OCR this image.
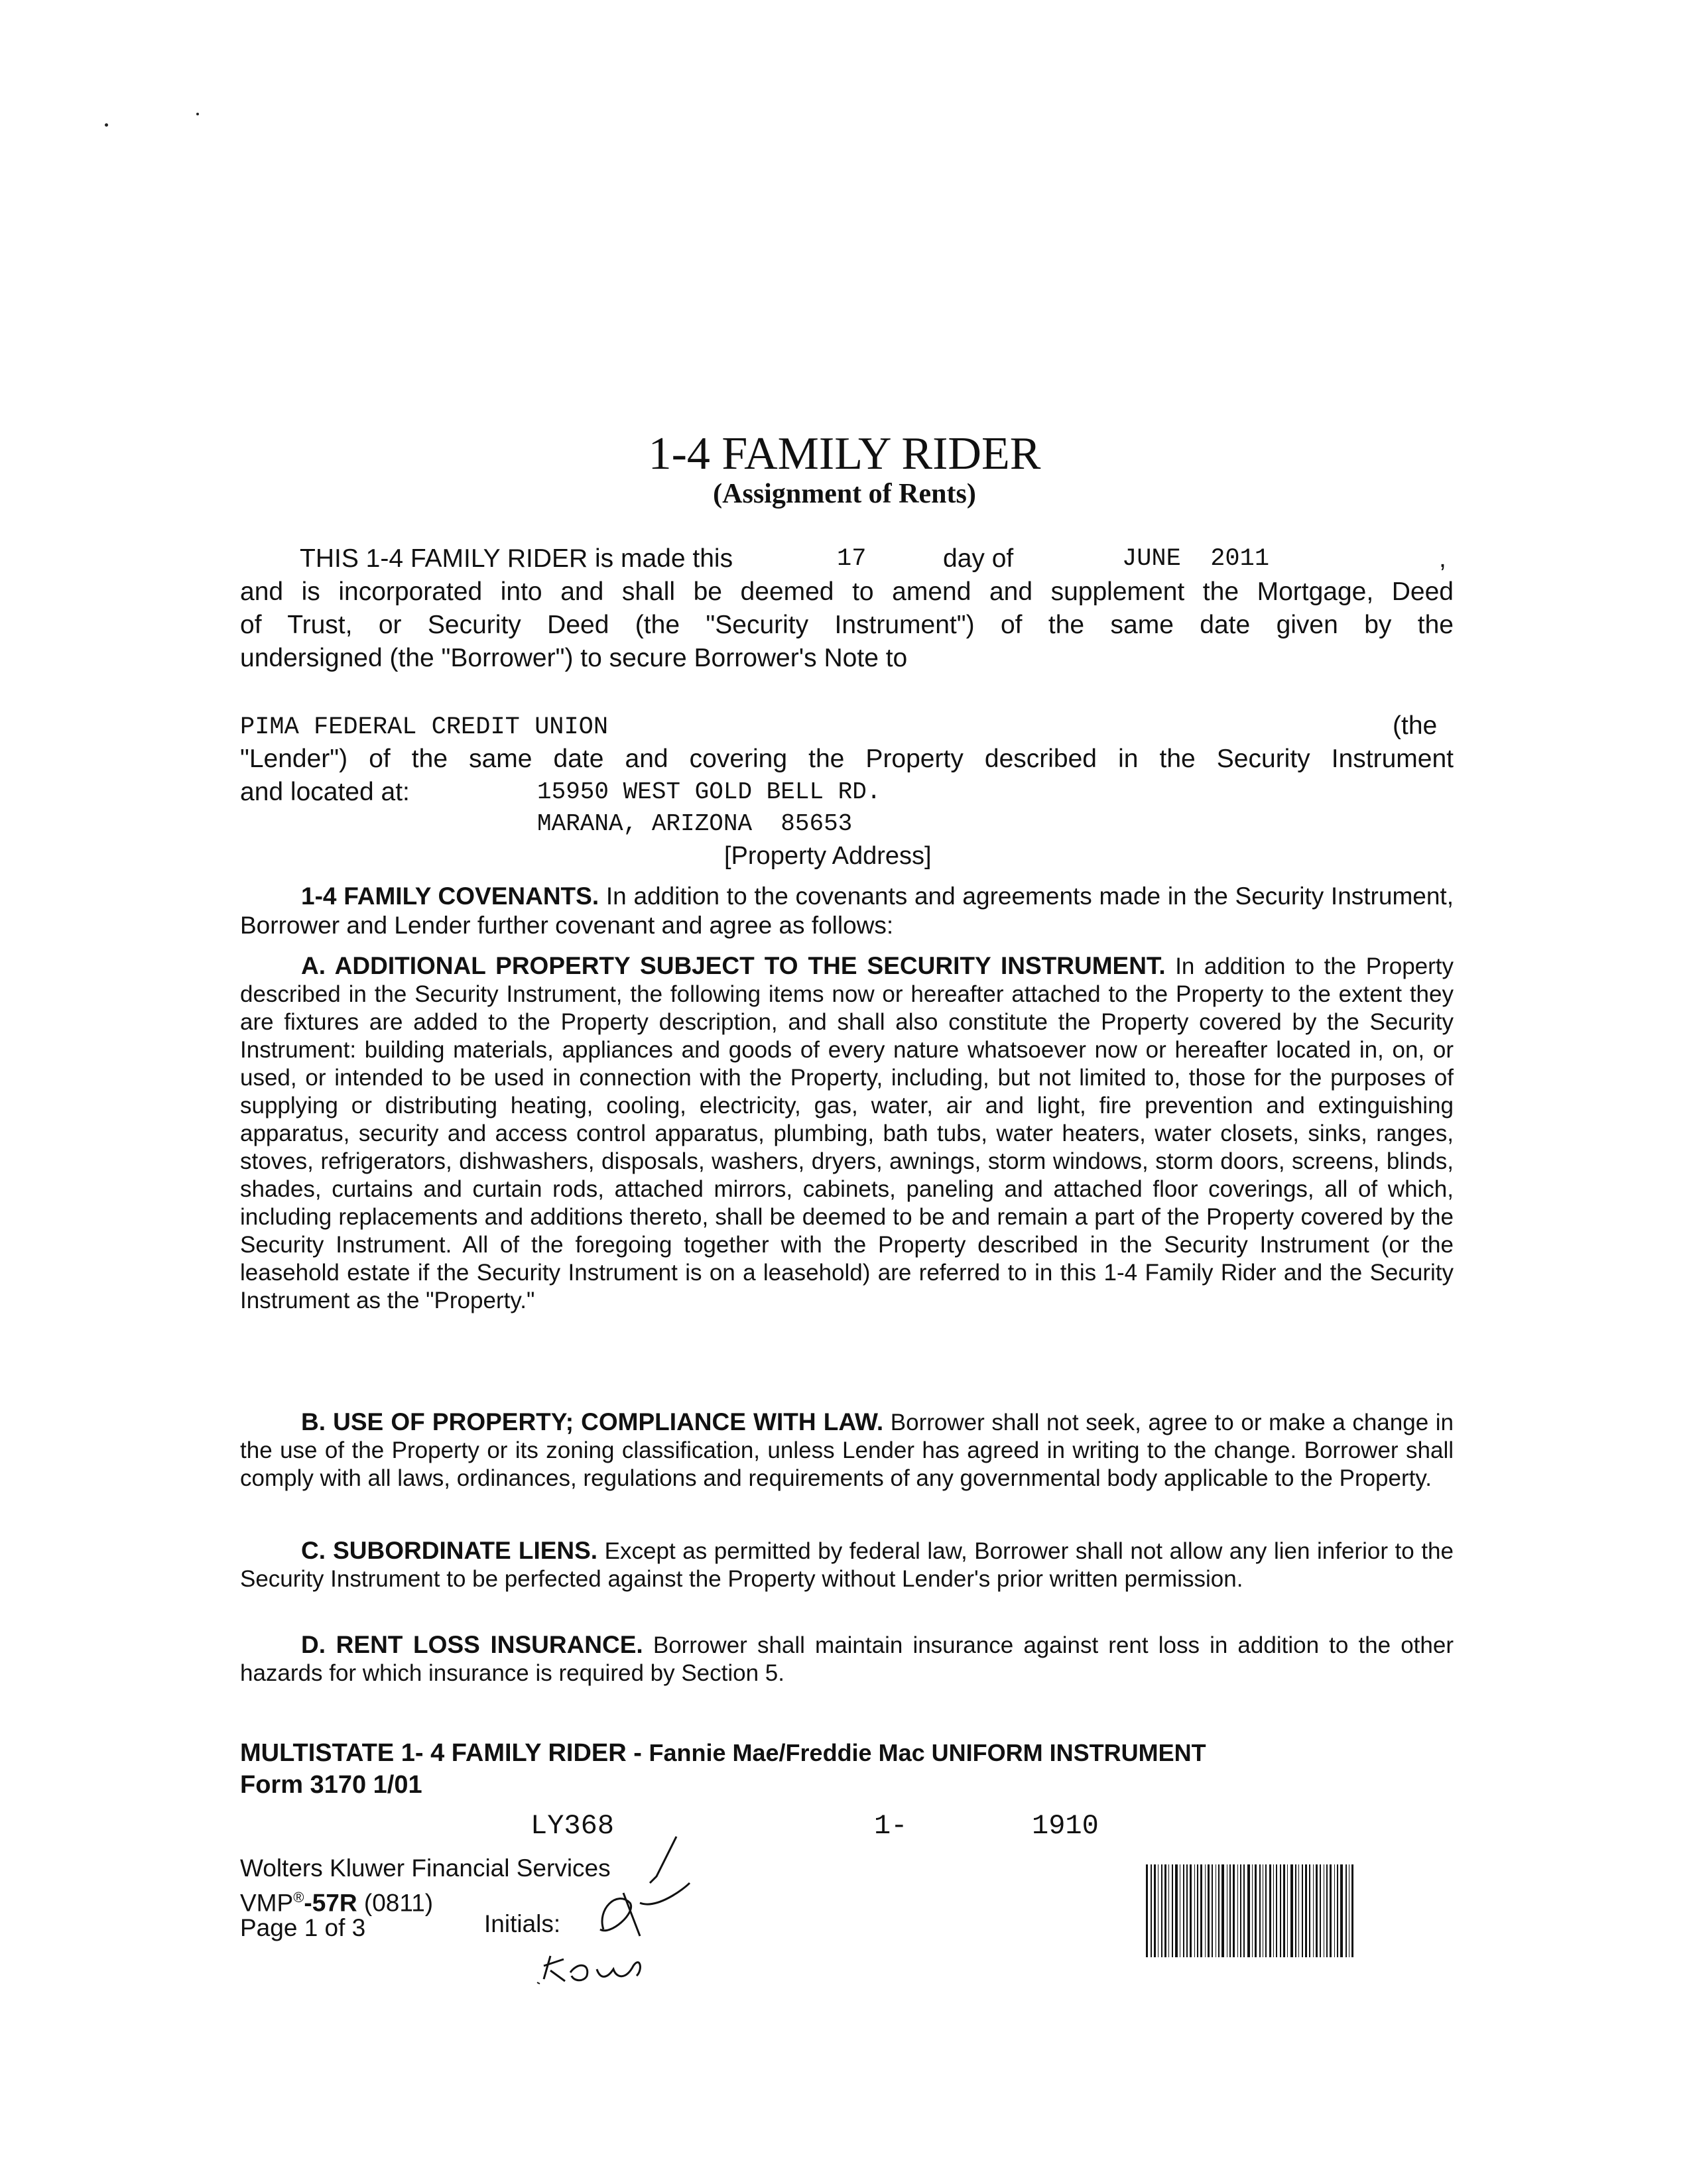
1-4 FAMILY RIDER
(Assignment of Rents)
THIS 1-4 FAMILY RIDER is made this	17	day of	JUNE  2011	,
and is incorporated into and shall be deemed to amend and supplement the Mortgage, Deed
of Trust, or Security Deed (the "Security Instrument") of the same date given by the
undersigned (the "Borrower") to secure Borrower's Note to
PIMA FEDERAL CREDIT UNION	(the
"Lender") of the same date and covering the Property described in the Security Instrument
and located at:	15950 WEST GOLD BELL RD.
MARANA, ARIZONA  85653
[Property Address]
1-4 FAMILY COVENANTS. In addition to the covenants and agreements made in the Security Instrument, Borrower and Lender further covenant and agree as follows:
A. ADDITIONAL PROPERTY SUBJECT TO THE SECURITY INSTRUMENT. In addition to the Property described in the Security Instrument, the following items now or hereafter attached to the Property to the extent they are fixtures are added to the Property description, and shall also constitute the Property covered by the Security Instrument: building materials, appliances and goods of every nature whatsoever now or hereafter located in, on, or used, or intended to be used in connection with the Property, including, but not limited to, those for the purposes of supplying or distributing heating, cooling, electricity, gas, water, air and light, fire prevention and extinguishing apparatus, security and access control apparatus, plumbing, bath tubs, water heaters, water closets, sinks, ranges, stoves, refrigerators, dishwashers, disposals, washers, dryers, awnings, storm windows, storm doors, screens, blinds, shades, curtains and curtain rods, attached mirrors, cabinets, paneling and attached floor coverings, all of which, including replacements and additions thereto, shall be deemed to be and remain a part of the Property covered by the Security Instrument. All of the foregoing together with the Property described in the Security Instrument (or the leasehold estate if the Security Instrument is on a leasehold) are referred to in this 1-4 Family Rider and the Security Instrument as the "Property."
B. USE OF PROPERTY; COMPLIANCE WITH LAW. Borrower shall not seek, agree to or make a change in the use of the Property or its zoning classification, unless Lender has agreed in writing to the change. Borrower shall comply with all laws, ordinances, regulations and requirements of any governmental body applicable to the Property.
C. SUBORDINATE LIENS. Except as permitted by federal law, Borrower shall not allow any lien inferior to the Security Instrument to be perfected against the Property without Lender's prior written permission.
D. RENT LOSS INSURANCE. Borrower shall maintain insurance against rent loss in addition to the other hazards for which insurance is required by Section 5.
MULTISTATE 1- 4 FAMILY RIDER - Fannie Mae/Freddie Mac UNIFORM INSTRUMENT
Form 3170 1/01
LY368	1-	1910
Wolters Kluwer Financial Services
VMP®-57R (0811)
Page 1 of 3	Initials:
